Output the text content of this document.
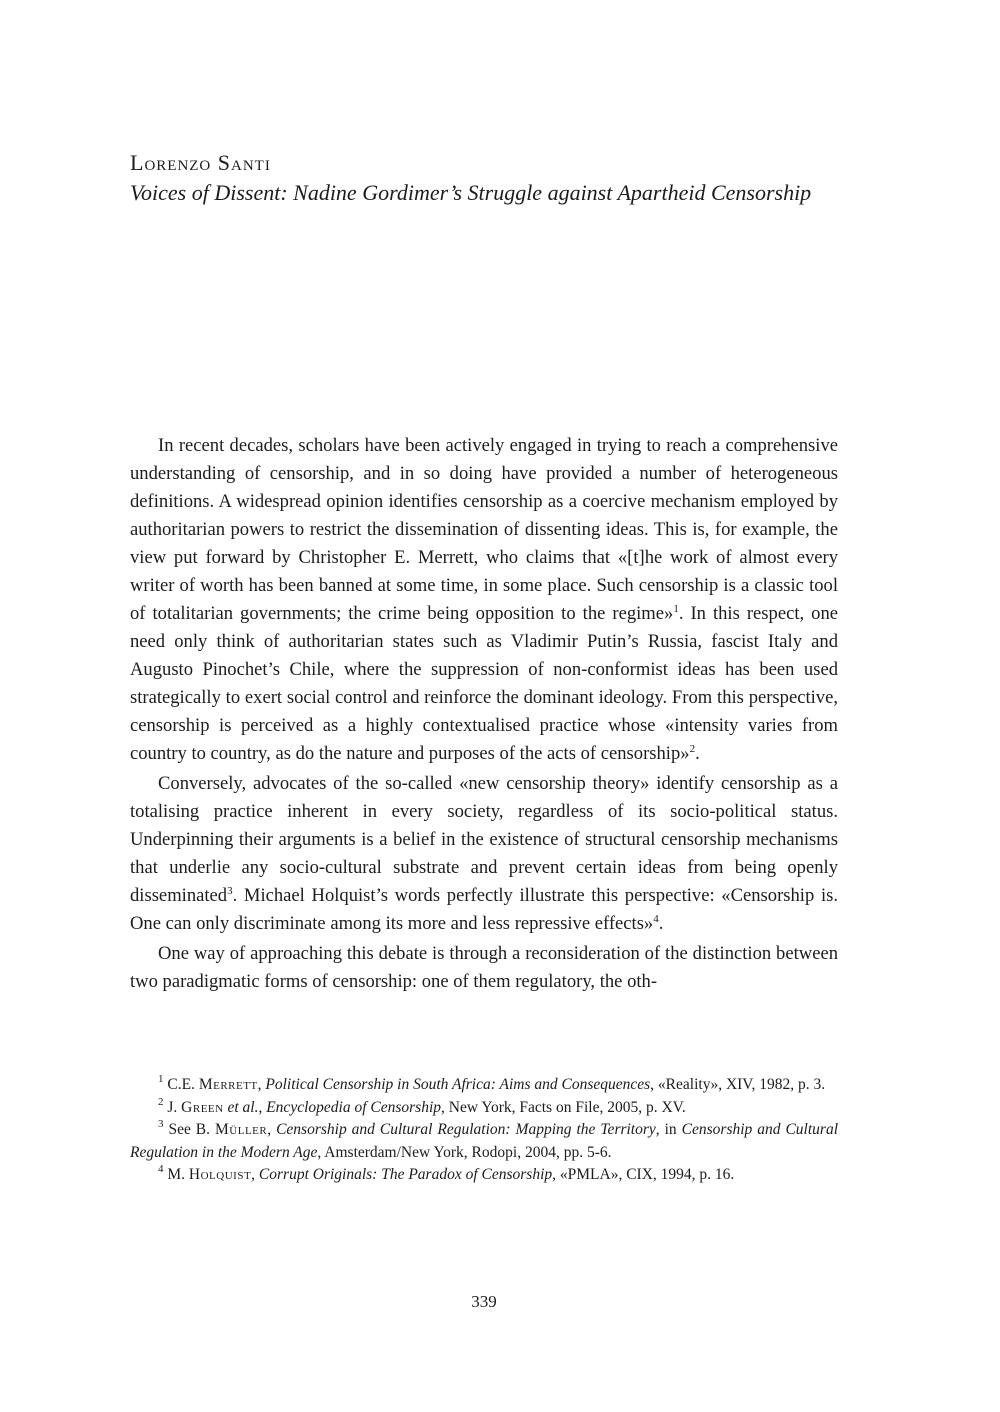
Lorenzo Santi
Voices of Dissent: Nadine Gordimer’s Struggle against Apartheid Censorship

In recent decades, scholars have been actively engaged in trying to reach a comprehensive understanding of censorship, and in so doing have provided a number of heterogeneous definitions. A widespread opinion identifies censorship as a coercive mechanism employed by authoritarian powers to restrict the dissemination of dissenting ideas. This is, for example, the view put forward by Christopher E. Merrett, who claims that «[t]he work of almost every writer of worth has been banned at some time, in some place. Such censorship is a classic tool of totalitarian governments; the crime being opposition to the regime»$^1$. In this respect, one need only think of authoritarian states such as Vladimir Putin’s Russia, fascist Italy and Augusto Pinochet’s Chile, where the suppression of non-conformist ideas has been used strategically to exert social control and reinforce the dominant ideology. From this perspective, censorship is perceived as a highly contextualised practice whose «intensity varies from country to country, as do the nature and purposes of the acts of censorship»$^2$.

Conversely, advocates of the so-called «new censorship theory» identify censorship as a totalising practice inherent in every society, regardless of its socio-political status. Underpinning their arguments is a belief in the existence of structural censorship mechanisms that underlie any socio-cultural substrate and prevent certain ideas from being openly disseminated$^3$. Michael Holquist’s words perfectly illustrate this perspective: «Censorship is. One can only discriminate among its more and less repressive effects»$^4$.

One way of approaching this debate is through a reconsideration of the distinction between two paradigmatic forms of censorship: one of them regulatory, the oth-

$^1$ C.E. Merrett, Political Censorship in South Africa: Aims and Consequences, «Reality», XIV, 1982, p. 3.

$^2$ J. Green et al., Encyclopedia of Censorship, New York, Facts on File, 2005, p. XV.

$^3$ See B. Müller, Censorship and Cultural Regulation: Mapping the Territory, in Censorship and Cultural Regulation in the Modern Age, Amsterdam/New York, Rodopi, 2004, pp. 5-6.

$^4$ M. Holquist, Corrupt Originals: The Paradox of Censorship, «PMLA», CIX, 1994, p. 16.

339
